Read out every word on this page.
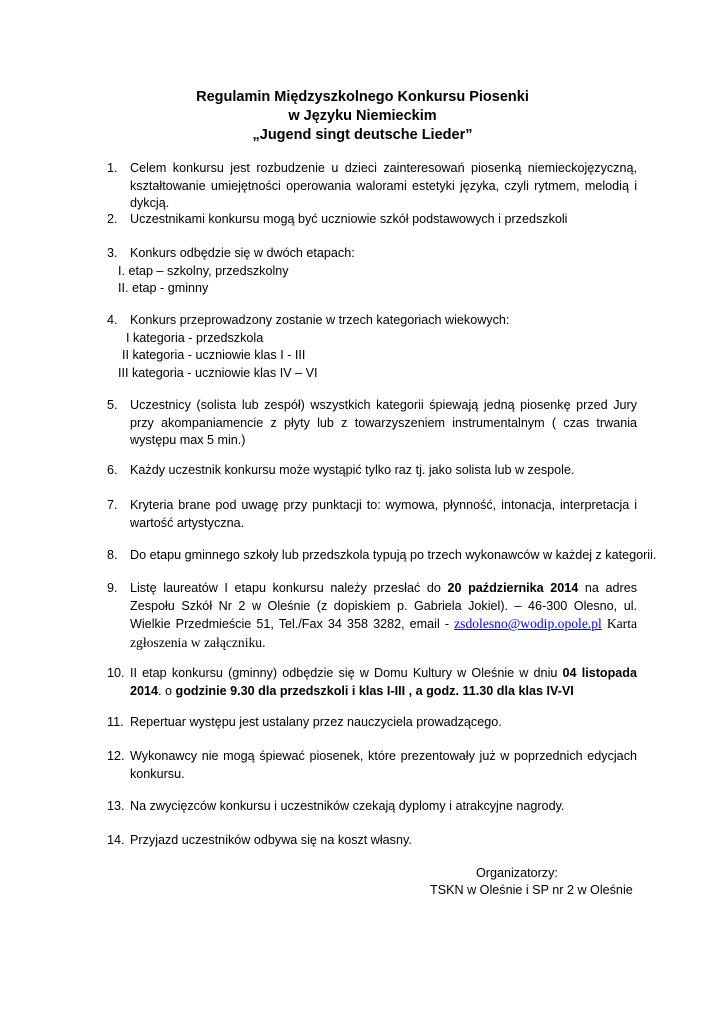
Regulamin Międzyszkolnego Konkursu Piosenki
w Języku Niemieckim
„Jugend singt deutsche Lieder”
1. Celem konkursu jest rozbudzenie u dzieci zainteresowań piosenką niemieckojęzyczną, kształtowanie umiejętności operowania walorami estetyki języka, czyli rytmem, melodią i dykcją.
2. Uczestnikami konkursu mogą być uczniowie szkół podstawowych i przedszkoli
3. Konkurs odbędzie się w dwóch etapach:
I. etap – szkolny, przedszkolny
II. etap - gminny
4. Konkurs przeprowadzony zostanie w trzech kategoriach wiekowych:
I kategoria - przedszkola
II kategoria - uczniowie klas I - III
III kategoria - uczniowie klas IV – VI
5. Uczestnicy (solista lub zespół) wszystkich kategorii śpiewają jedną piosenkę przed Jury przy akompaniamencie z płyty lub z towarzyszeniem instrumentalnym ( czas trwania występu max 5 min.)
6. Każdy uczestnik konkursu może wystąpić tylko raz tj. jako solista lub w zespole.
7. Kryteria brane pod uwagę przy punktacji to: wymowa, płynność, intonacja, interpretacja i wartość artystyczna.
8. Do etapu gminnego szkoły lub przedszkola typują po trzech wykonawców w każdej z kategorii.
9. Listę laureatów I etapu konkursu należy przesłać do 20 października 2014 na adres Zespołu Szkół Nr 2 w Oleśnie (z dopiskiem p. Gabriela Jokiel). – 46-300 Olesno, ul. Wielkie Przedmieście 51, Tel./Fax 34 358 3282, email - zsdolesno@wodip.opole.pl Karta zgłoszenia w załączniku.
10. II etap konkursu (gminny) odbędzie się w Domu Kultury w Oleśnie w dniu 04 listopada 2014. o godzinie 9.30 dla przedszkoli i klas I-III , a godz. 11.30 dla klas IV-VI
11. Repertuar występu jest ustalany przez nauczyciela prowadzącego.
12. Wykonawcy nie mogą śpiewać piosenek, które prezentowały już w poprzednich edycjach konkursu.
13. Na zwycięzców konkursu i uczestników czekają dyplomy i atrakcyjne nagrody.
14. Przyjazd uczestników odbywa się na koszt własny.
Organizatorzy:
TSKN w Oleśnie i SP nr 2 w Oleśnie
